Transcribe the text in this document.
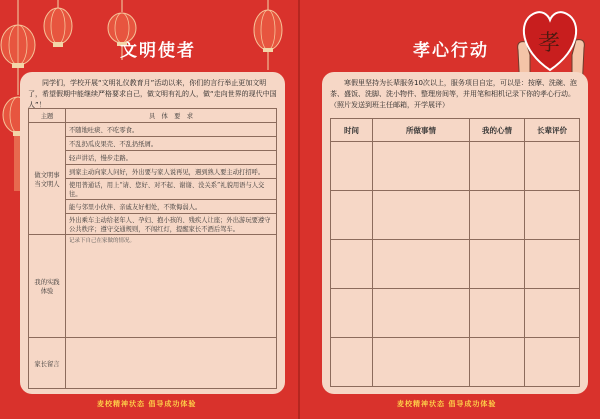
文明使者
同学们，学校开展“文明礼仪教育月”活动以来，你们的言行举止更加文明了，希望假期中能继续严格要求自己，做文明有礼的人，做“走向世界的现代中国人”！
主题	具　体　要　求
做文明事当文明人	不随地吐痰、不吃零食。
	不乱扔瓜皮果壳、不乱扔纸屑。
	轻声讲话，慢步走路。
	到家主动向家人问好，外出要与家人说再见，遇到熟人要主动打招呼。
	使用普通话，用上“请、您好、对不起、谢谢、没关系”礼貌用语与人交往。
	能与邻里小伙伴、亲戚友好相处，不欺侮弱人。
	外出乘车主动给老年人、孕妇、抱小孩的、残疾人让座；外出游玩要遵守公共秩序；遵守交通规则，不闯红灯，提醒家长不酒后驾车。
我的实践体验	记录下自己在家做的情况。
家长留言	
麦校精神状态 倡导成功体验
孝心行动
麦校精神状态 倡导成功体验
孝
寒假里坚持为长辈服务10次以上，服务项目自定，可以是：按摩、洗碗、泡茶、盛饭、洗脚、洗小物件、整理房间等，并用笔和相机记录下你的孝心行动。（照片发送到班主任邮箱，开学展评）
时间	所做事情	我的心情	长辈评价
